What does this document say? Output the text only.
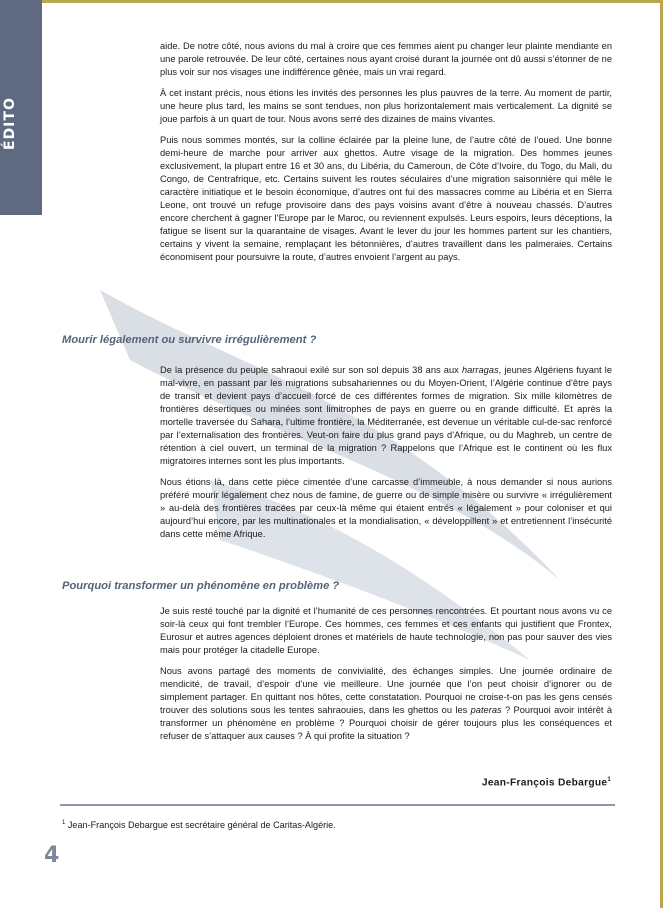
ÉDITO

aide. De notre côté, nous avions du mal à croire que ces femmes aient pu changer leur plainte mendiante en une parole retrouvée. De leur côté, certaines nous ayant croisé durant la journée ont dû aussi s’étonner de ne plus voir sur nos visages une indifférence gênée, mais un vrai regard.

À cet instant précis, nous étions les invités des personnes les plus pauvres de la terre. Au moment de partir, une heure plus tard, les mains se sont tendues, non plus horizontalement mais verticalement. La dignité se joue parfois à un quart de tour. Nous avons serré des dizaines de mains vivantes.

Puis nous sommes montés, sur la colline éclairée par la pleine lune, de l’autre côté de l’oued. Une bonne demi-heure de marche pour arriver aux ghettos. Autre visage de la migration. Des hommes jeunes exclusivement, la plupart entre 16 et 30 ans, du Libéria, du Cameroun, de Côte d’Ivoire, du Togo, du Mali, du Congo, de Centrafrique, etc. Certains suivent les routes séculaires d’une migration saisonnière qui mêle le caractère initiatique et le besoin économique, d’autres ont fui des massacres comme au Libéria et en Sierra Leone, ont trouvé un refuge provisoire dans des pays voisins avant d’être à nouveau chassés. D’autres encore cherchent à gagner l’Europe par le Maroc, ou reviennent expulsés. Leurs espoirs, leurs déceptions, la fatigue se lisent sur la quarantaine de visages. Avant le lever du jour les hommes partent sur les chantiers, certains y vivent la semaine, remplaçant les bétonnières, d’autres travaillent dans les palmeraies. Certains économisent pour poursuivre la route, d’autres envoient l’argent au pays.

Mourir légalement ou survivre irrégulièrement ?

De la présence du peuple sahraoui exilé sur son sol depuis 38 ans aux harragas, jeunes Algériens fuyant le mal-vivre, en passant par les migrations subsahariennes ou du Moyen-Orient, l’Algérie continue d’être pays de transit et devient pays d’accueil forcé de ces différentes formes de migration. Six mille kilomètres de frontières désertiques ou minées sont limitrophes de pays en guerre ou en grande difficulté. Et après la mortelle traversée du Sahara, l’ultime frontière, la Méditerranée, est devenue un véritable cul-de-sac renforcé par l’externalisation des frontières. Veut-on faire du plus grand pays d’Afrique, ou du Maghreb, un centre de rétention à ciel ouvert, un terminal de la migration ? Rappelons que l’Afrique est le continent où les flux migratoires internes sont les plus importants.

Nous étions là, dans cette pièce cimentée d’une carcasse d’immeuble, à nous demander si nous aurions préféré mourir légalement chez nous de famine, de guerre ou de simple misère ou survivre « irrégulièrement » au-delà des frontières tracées par ceux-là même qui étaient entrés « légalement » pour coloniser et qui aujourd’hui encore, par les multinationales et la mondialisation, « développillent » et entretiennent l’insécurité dans cette même Afrique.

Pourquoi transformer un phénomène en problème ?

Je suis resté touché par la dignité et l’humanité de ces personnes rencontrées. Et pourtant nous avons vu ce soir-là ceux qui font trembler l’Europe. Ces hommes, ces femmes et ces enfants qui justifient que Frontex, Eurosur et autres agences déploient drones et matériels de haute technologie, non pas pour sauver des vies mais pour protéger la citadelle Europe.

Nous avons partagé des moments de convivialité, des échanges simples. Une journée ordinaire de mendicité, de travail, d’espoir d’une vie meilleure. Une journée que l’on peut choisir d’ignorer ou de simplement partager. En quittant nos hôtes, cette constatation. Pourquoi ne croise-t-on pas les gens censés trouver des solutions sous les tentes sahraouies, dans les ghettos ou les pateras ? Pourquoi avoir intérêt à transformer un phénomène en problème ? Pourquoi choisir de gérer toujours plus les conséquences et refuser de s’attaquer aux causes ? À qui profite la situation ?

Jean-François Debargue$^1$
$^1$ Jean-François Debargue est secrétaire général de Caritas-Algérie.
4
